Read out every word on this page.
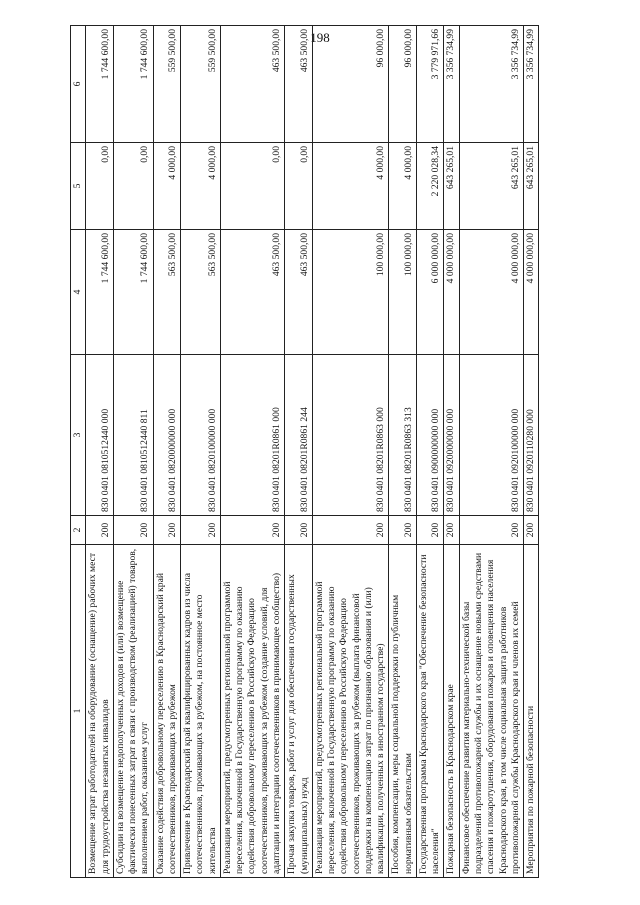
198
1	2	3	4	5	6
Возмещение затрат работодателей на оборудование (оснащение) рабочих мест для трудоустройства незанятых инвалидов	200	830 0401 0810512440 000	1 744 600,00	0,00	1 744 600,00
Субсидии на возмещение недополученных доходов и (или) возмещение фактически понесенных затрат в связи с производством (реализацией) товаров, выполнением работ, оказанием услуг	200	830 0401 0810512440 811	1 744 600,00	0,00	1 744 600,00
Оказание содействия добровольному переселению в Краснодарский край соотечественников, проживающих за рубежом	200	830 0401 0820000000 000	563 500,00	4 000,00	559 500,00
Привлечение в Краснодарский край квалифицированных кадров из числа соотечественников, проживающих за рубежом, на постоянное место жительства	200	830 0401 0820100000 000	563 500,00	4 000,00	559 500,00
Реализация мероприятий, предусмотренных региональной программой переселения, включенной в Государственную программу по оказанию содействия добровольному переселению в Российскую Федерацию соотечественников, проживающих за рубежом (создание условий, для адаптации и интеграции соотечественников в принимающее сообщество)	200	830 0401 08201R0861 000	463 500,00	0,00	463 500,00
Прочая закупка товаров, работ и услуг для обеспечения государственных (муниципальных) нужд	200	830 0401 08201R0861 244	463 500,00	0,00	463 500,00
Реализация мероприятий, предусмотренных региональной программой переселения, включенной в Государственную программу по оказанию содействия добровольному переселению в Российскую Федерацию соотечественников, проживающих за рубежом (выплата финансовой поддержки на компенсацию затрат по признанию образования и (или) квалификации, полученных в иностранном государстве)	200	830 0401 08201R0863 000	100 000,00	4 000,00	96 000,00
Пособия, компенсации, меры социальной поддержки по публичным нормативным обязательствам	200	830 0401 08201R0863 313	100 000,00	4 000,00	96 000,00
Государственная программа Краснодарского края "Обеспечение безопасности населения"	200	830 0401 0900000000 000	6 000 000,00	2 220 028,34	3 779 971,66
Пожарная безопасность в Краснодарском крае	200	830 0401 0920000000 000	4 000 000,00	643 265,01	3 356 734,99
Финансовое обеспечение развития материально-технической базы подразделений противопожарной службы и их оснащение новыми средствами спасения и пожаротушения, оборудования пожаров и оповещения населения Краснодарского края, в том числе социальная защита работников противопожарной службы Краснодарского края и членов их семей	200	830 0401 0920100000 000	4 000 000,00	643 265,01	3 356 734,99
Мероприятия по пожарной безопасности	200	830 0401 0920110280 000	4 000 000,00	643 265,01	3 356 734,99
